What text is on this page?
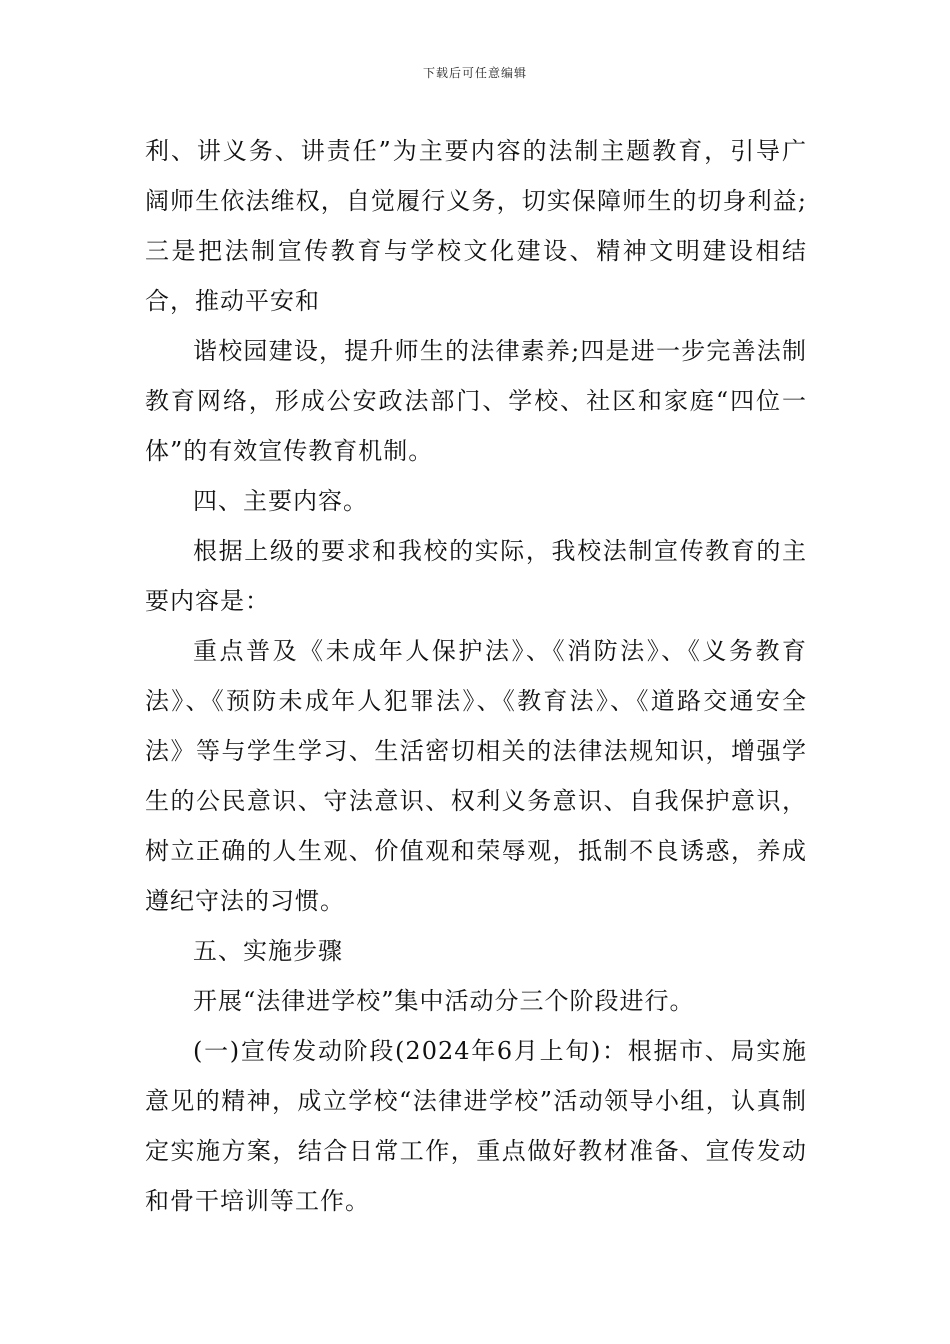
下载后可任意编辑

利、讲义务、讲责任”为主要内容的法制主题教育，引导广阔师生依法维权，自觉履行义务，切实保障师生的切身利益;三是把法制宣传教育与学校文化建设、精神文明建设相结合，推动平安和

谐校园建设，提升师生的法律素养;四是进一步完善法制教育网络，形成公安政法部门、学校、社区和家庭“四位一体”的有效宣传教育机制。

四、主要内容。

根据上级的要求和我校的实际，我校法制宣传教育的主要内容是：

重点普及《未成年人保护法》、《消防法》、《义务教育法》、《预防未成年人犯罪法》、《教育法》、《道路交通安全法》等与学生学习、生活密切相关的法律法规知识，增强学生的公民意识、守法意识、权利义务意识、自我保护意识，树立正确的人生观、价值观和荣辱观，抵制不良诱惑，养成遵纪守法的习惯。

五、实施步骤

开展“法律进学校”集中活动分三个阶段进行。

(一)宣传发动阶段(2024年6月上旬)：根据市、局实施意见的精神，成立学校“法律进学校”活动领导小组，认真制定实施方案，结合日常工作，重点做好教材准备、宣传发动和骨干培训等工作。
